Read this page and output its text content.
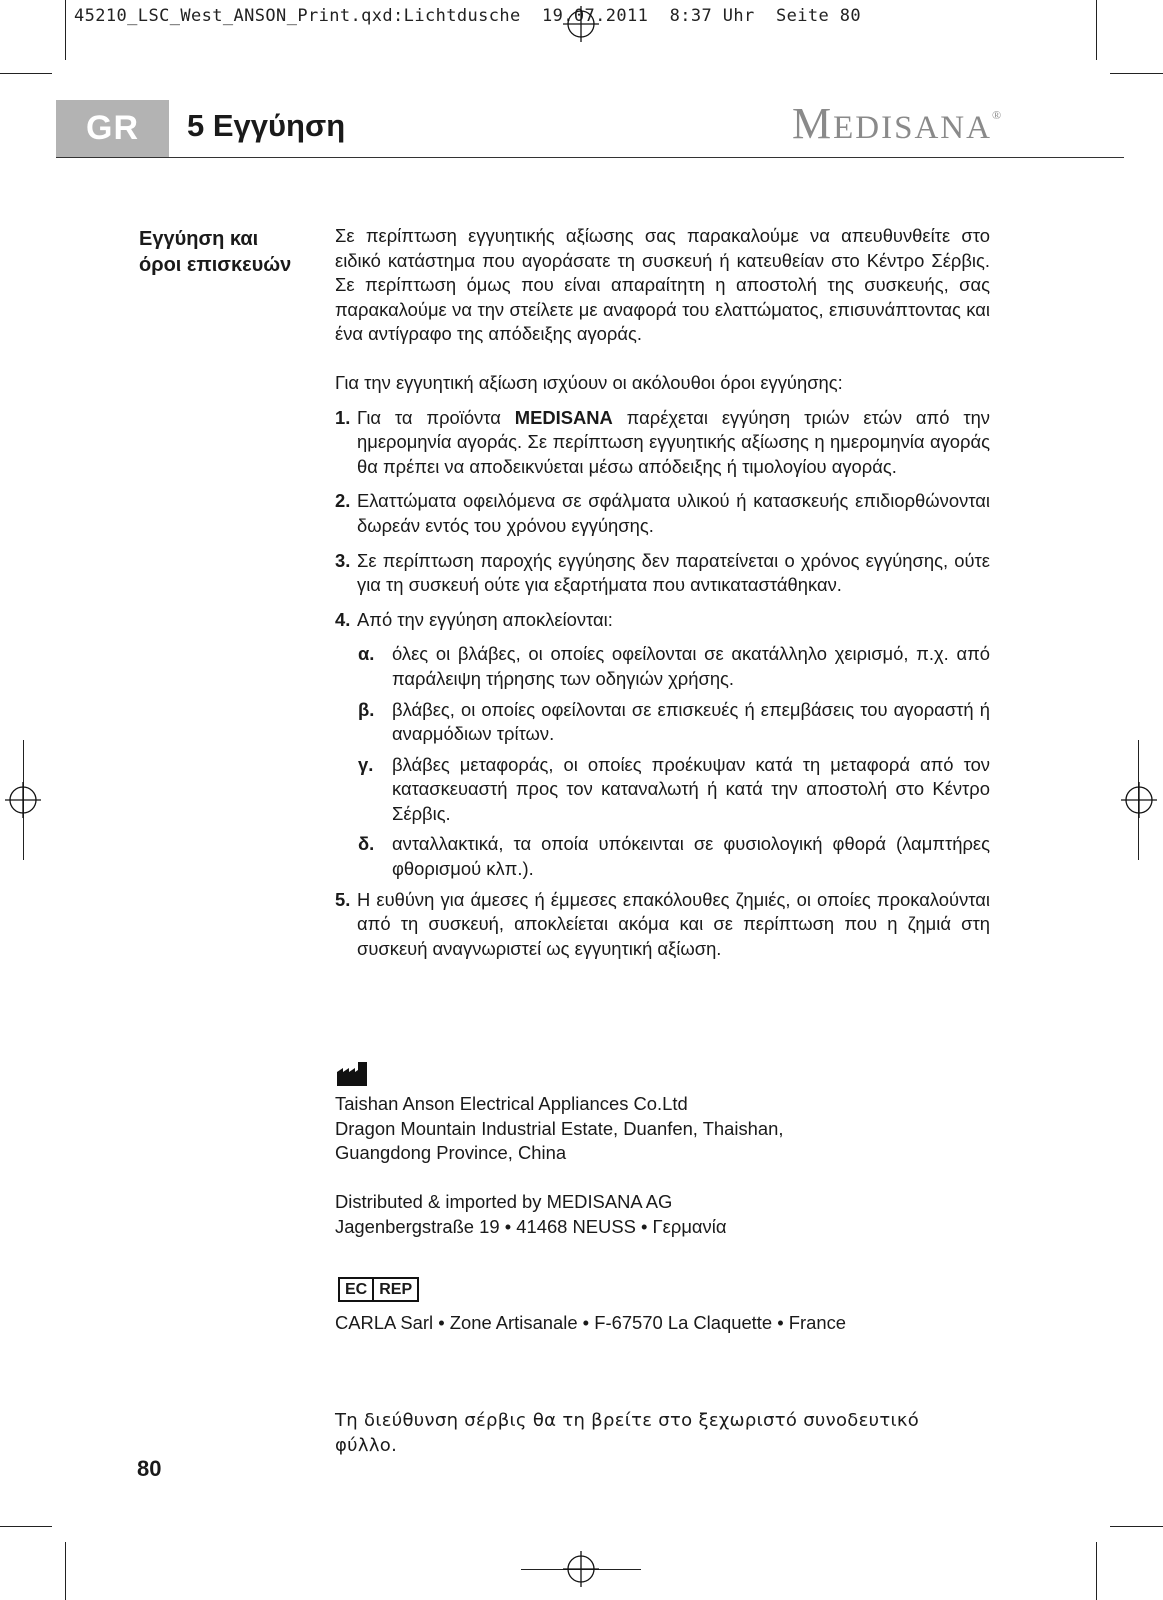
45210_LSC_West_ANSON_Print.qxd:Lichtdusche 19.07.2011 8:37 Uhr Seite 80
GR	5 Εγγύηση	MEDISANA®
Εγγύηση και
όροι επισκευών

Σε περίπτωση εγγυητικής αξίωσης σας παρακαλούμε να απευθυνθείτε στο ειδικό κατάστημα που αγοράσατε τη συσκευή ή κατευθείαν στο Κέντρο Σέρβις. Σε περίπτωση όμως που είναι απαραίτητη η αποστολή της συσκευής, σας παρακαλούμε να την στείλετε με αναφορά του ελαττώματος, επισυνάπτοντας και ένα αντίγραφο της απόδειξης αγοράς.

Για την εγγυητική αξίωση ισχύουν οι ακόλουθοι όροι εγγύησης:

1. Για τα προϊόντα MEDISANA παρέχεται εγγύηση τριών ετών από την ημερομηνία αγοράς. Σε περίπτωση εγγυητικής αξίωσης η ημερομηνία αγοράς θα πρέπει να αποδεικνύεται μέσω απόδειξης ή τιμολογίου αγοράς.
2. Ελαττώματα οφειλόμενα σε σφάλματα υλικού ή κατασκευής επιδιορθώνονται δωρεάν εντός του χρόνου εγγύησης.
3. Σε περίπτωση παροχής εγγύησης δεν παρατείνεται ο χρόνος εγγύησης, ούτε για τη συσκευή ούτε για εξαρτήματα που αντικαταστάθηκαν.
4. Από την εγγύηση αποκλείονται:
α. όλες οι βλάβες, οι οποίες οφείλονται σε ακατάλληλο χειρισμό, π.χ. από παράλειψη τήρησης των οδηγιών χρήσης.
β. βλάβες, οι οποίες οφείλονται σε επισκευές ή επεμβάσεις του αγοραστή ή αναρμόδιων τρίτων.
γ. βλάβες μεταφοράς, οι οποίες προέκυψαν κατά τη μεταφορά από τον κατασκευαστή προς τον καταναλωτή ή κατά την αποστολή στο Κέντρο Σέρβις.
δ. ανταλλακτικά, τα οποία υπόκεινται σε φυσιολογική φθορά (λαμπτήρες φθορισμού κλπ.).
5. Η ευθύνη για άμεσες ή έμμεσες επακόλουθες ζημιές, οι οποίες προκαλούνται από τη συσκευή, αποκλείεται ακόμα και σε περίπτωση που η ζημιά στη συσκευή αναγνωριστεί ως εγγυητική αξίωση.
Taishan Anson Electrical Appliances Co.Ltd
Dragon Mountain Industrial Estate, Duanfen, Thaishan,
Guangdong Province, China
Distributed & imported by MEDISANA AG
Jagenbergstraße 19 • 41468 NEUSS • Γερμανία
EC REP
CARLA Sarl • Zone Artisanale • F-67570 La Claquette • France
Τη διεύθυνση σέρβις θα τη βρείτε στο ξεχωριστό συνοδευτικό φύλλο.
80
